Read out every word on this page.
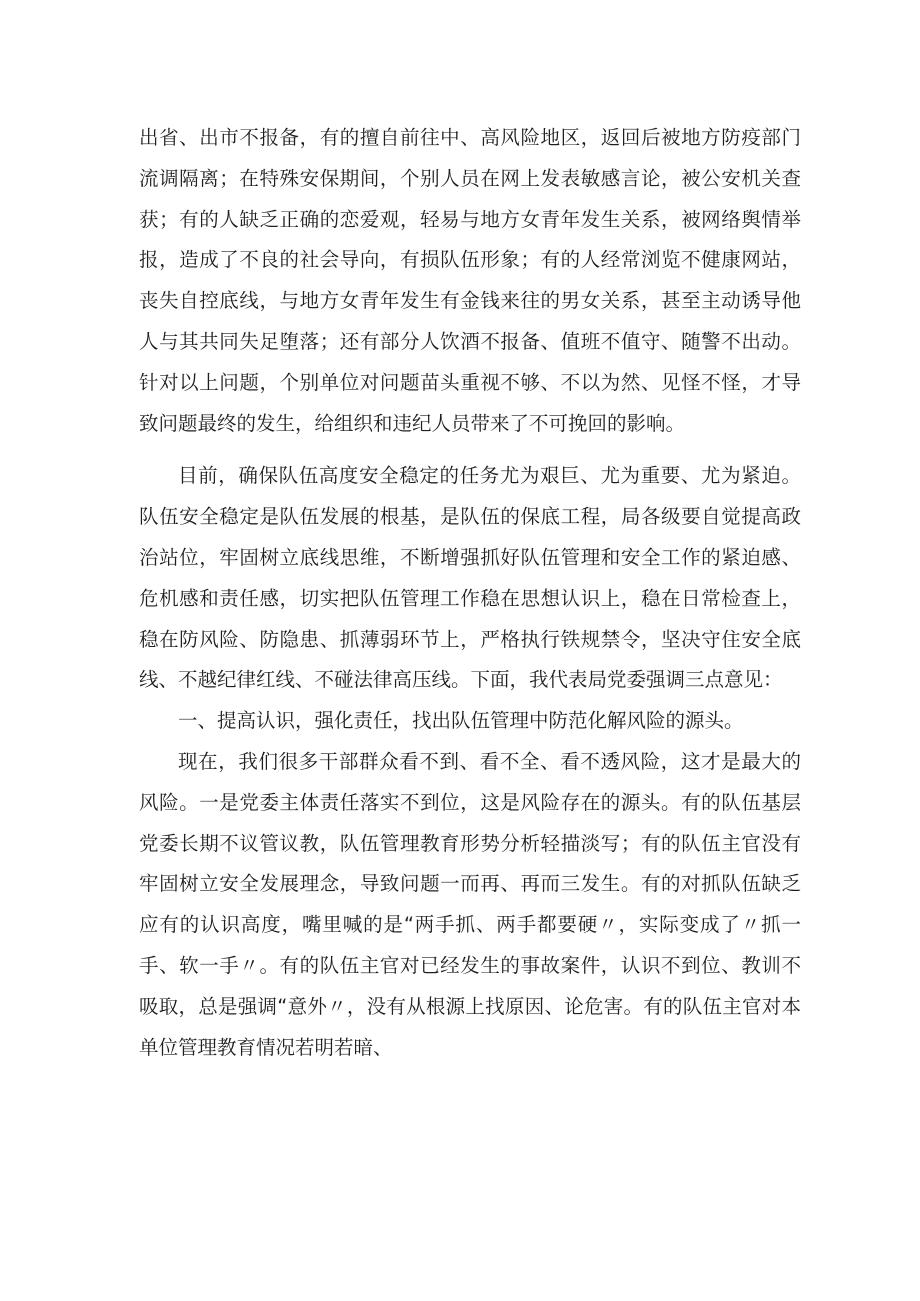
出省、出市不报备，有的擅自前往中、高风险地区，返回后被地方防疫部门流调隔离；在特殊安保期间，个别人员在网上发表敏感言论，被公安机关查获；有的人缺乏正确的恋爱观，轻易与地方女青年发生关系，被网络舆情举报，造成了不良的社会导向，有损队伍形象；有的人经常浏览不健康网站，丧失自控底线，与地方女青年发生有金钱来往的男女关系，甚至主动诱导他人与其共同失足堕落；还有部分人饮酒不报备、值班不值守、随警不出动。针对以上问题，个别单位对问题苗头重视不够、不以为然、见怪不怪，才导致问题最终的发生，给组织和违纪人员带来了不可挽回的影响。

目前，确保队伍高度安全稳定的任务尤为艰巨、尤为重要、尤为紧迫。队伍安全稳定是队伍发展的根基，是队伍的保底工程，局各级要自觉提高政治站位，牢固树立底线思维，不断增强抓好队伍管理和安全工作的紧迫感、危机感和责任感，切实把队伍管理工作稳在思想认识上，稳在日常检查上，稳在防风险、防隐患、抓薄弱环节上，严格执行铁规禁令，坚决守住安全底线、不越纪律红线、不碰法律高压线。下面，我代表局党委强调三点意见：

一、提高认识，强化责任，找出队伍管理中防范化解风险的源头。

现在，我们很多干部群众看不到、看不全、看不透风险，这才是最大的风险。一是党委主体责任落实不到位，这是风险存在的源头。有的队伍基层党委长期不议管议教，队伍管理教育形势分析轻描淡写；有的队伍主官没有牢固树立安全发展理念，导致问题一而再、再而三发生。有的对抓队伍缺乏应有的认识高度，嘴里喊的是“两手抓、两手都要硬〃，实际变成了〃抓一手、软一手〃。有的队伍主官对已经发生的事故案件，认识不到位、教训不吸取，总是强调“意外〃，没有从根源上找原因、论危害。有的队伍主官对本单位管理教育情况若明若暗、
